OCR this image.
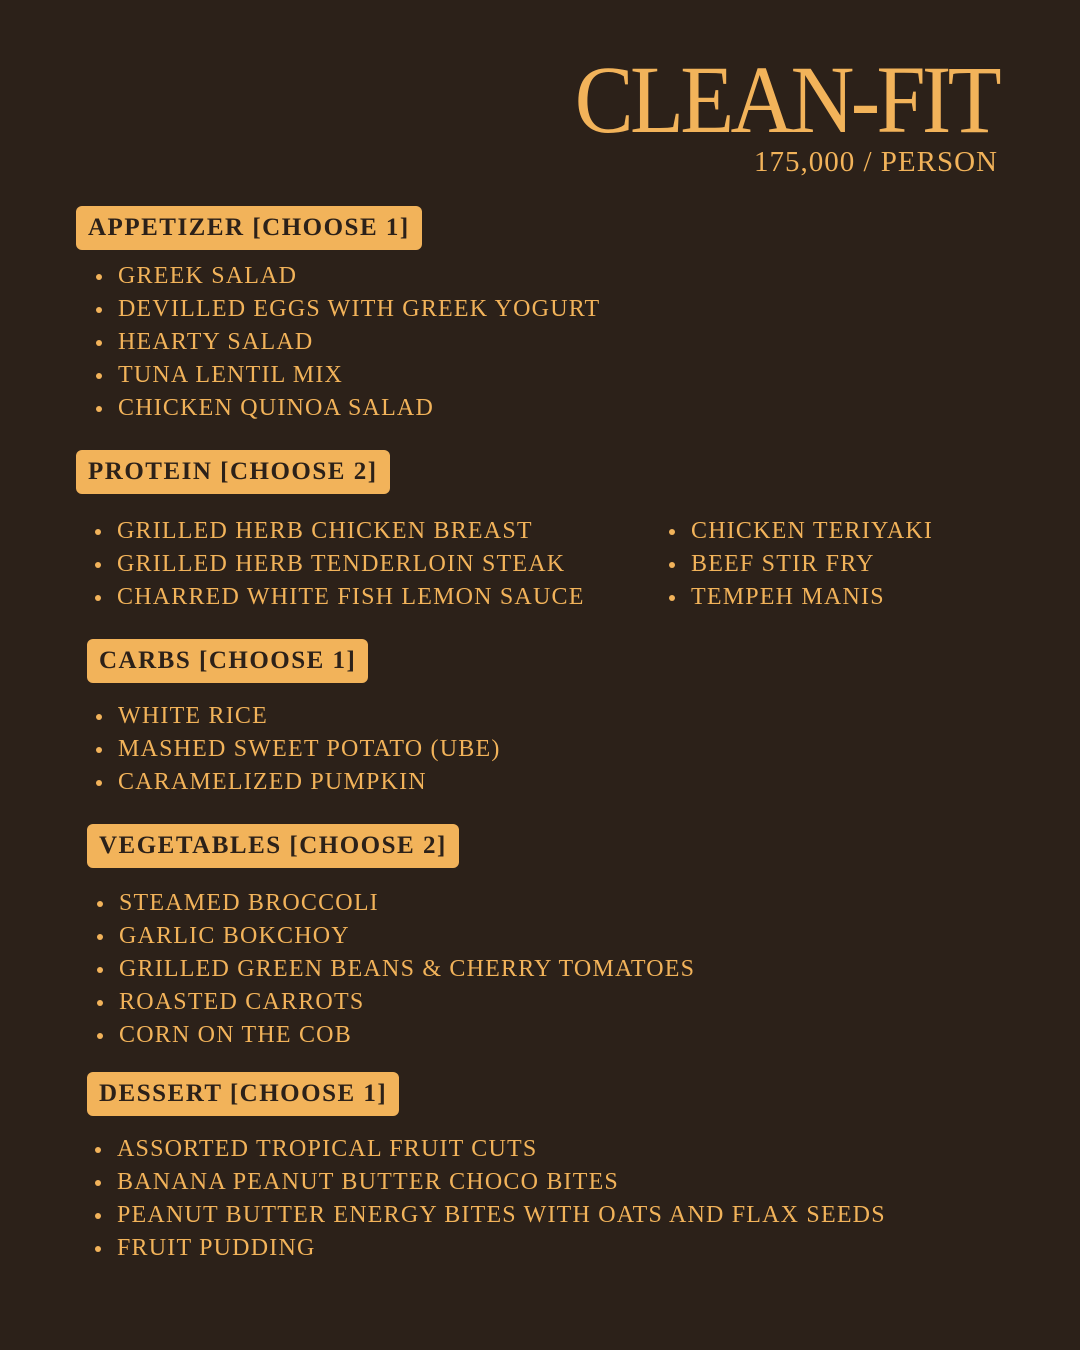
CLEAN-FIT
175,000 / PERSON
APPETIZER [CHOOSE 1]
GREEK SALAD
DEVILLED EGGS WITH GREEK YOGURT
HEARTY SALAD
TUNA LENTIL MIX
CHICKEN QUINOA SALAD
PROTEIN [CHOOSE 2]
GRILLED HERB CHICKEN BREAST
GRILLED HERB TENDERLOIN STEAK
CHARRED WHITE FISH LEMON SAUCE
CHICKEN TERIYAKI
BEEF STIR FRY
TEMPEH MANIS
CARBS [CHOOSE 1]
WHITE RICE
MASHED SWEET POTATO (UBE)
CARAMELIZED PUMPKIN
VEGETABLES [CHOOSE 2]
STEAMED BROCCOLI
GARLIC BOKCHOY
GRILLED GREEN BEANS & CHERRY TOMATOES
ROASTED CARROTS
CORN ON THE COB
DESSERT [CHOOSE 1]
ASSORTED TROPICAL FRUIT CUTS
BANANA PEANUT BUTTER CHOCO BITES
PEANUT BUTTER ENERGY BITES WITH OATS AND FLAX SEEDS
FRUIT PUDDING
